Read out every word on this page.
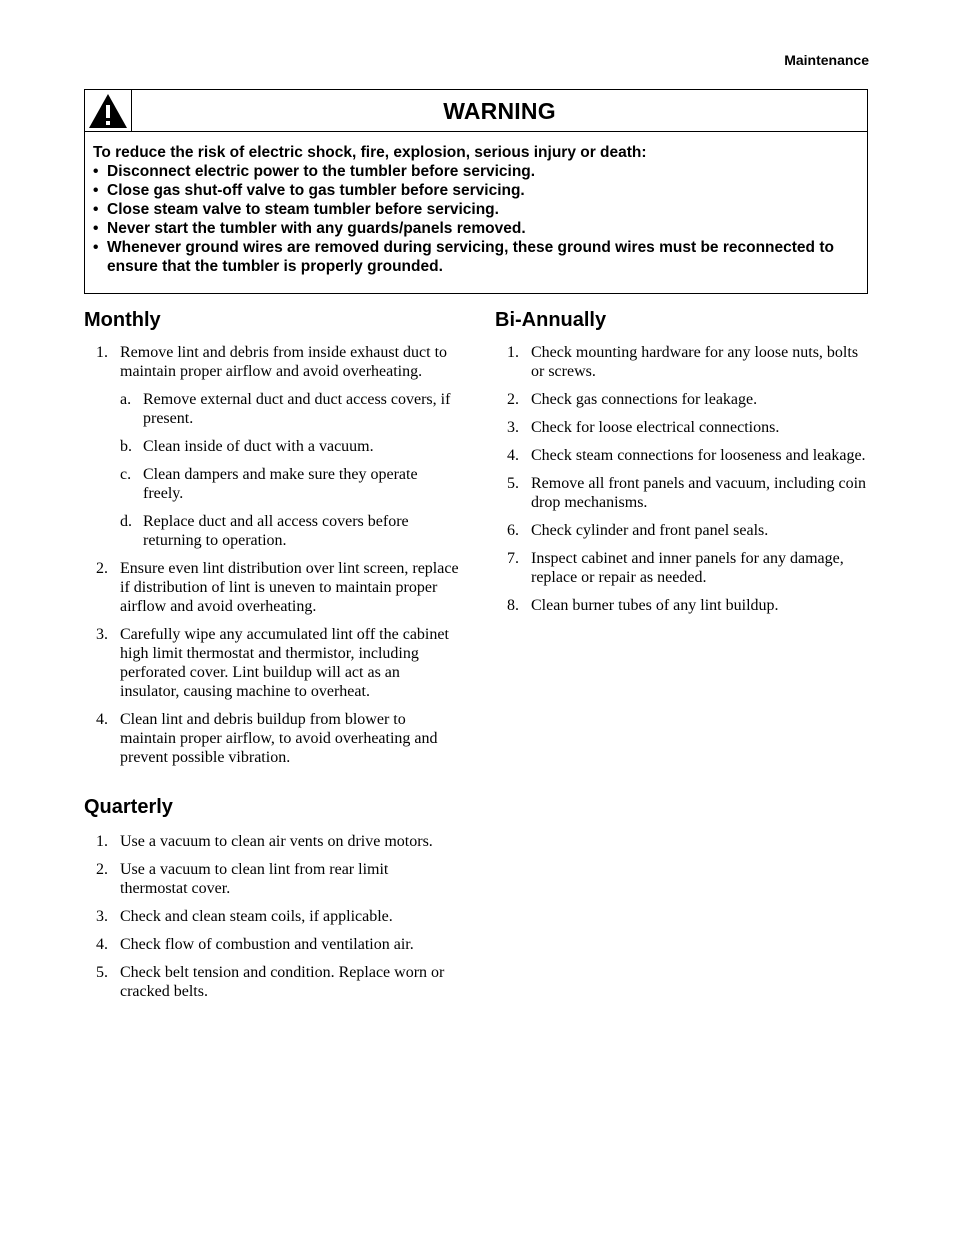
Maintenance
WARNING
To reduce the risk of electric shock, fire, explosion, serious injury or death:
• Disconnect electric power to the tumbler before servicing.
• Close gas shut-off valve to gas tumbler before servicing.
• Close steam valve to steam tumbler before servicing.
• Never start the tumbler with any guards/panels removed.
• Whenever ground wires are removed during servicing, these ground wires must be reconnected to ensure that the tumbler is properly grounded.
Monthly
1. Remove lint and debris from inside exhaust duct to maintain proper airflow and avoid overheating.
a. Remove external duct and duct access covers, if present.
b. Clean inside of duct with a vacuum.
c. Clean dampers and make sure they operate freely.
d. Replace duct and all access covers before returning to operation.
2. Ensure even lint distribution over lint screen, replace if distribution of lint is uneven to maintain proper airflow and avoid overheating.
3. Carefully wipe any accumulated lint off the cabinet high limit thermostat and thermistor, including perforated cover. Lint buildup will act as an insulator, causing machine to overheat.
4. Clean lint and debris buildup from blower to maintain proper airflow, to avoid overheating and prevent possible vibration.
Quarterly
1. Use a vacuum to clean air vents on drive motors.
2. Use a vacuum to clean lint from rear limit thermostat cover.
3. Check and clean steam coils, if applicable.
4. Check flow of combustion and ventilation air.
5. Check belt tension and condition. Replace worn or cracked belts.
Bi-Annually
1. Check mounting hardware for any loose nuts, bolts or screws.
2. Check gas connections for leakage.
3. Check for loose electrical connections.
4. Check steam connections for looseness and leakage.
5. Remove all front panels and vacuum, including coin drop mechanisms.
6. Check cylinder and front panel seals.
7. Inspect cabinet and inner panels for any damage, replace or repair as needed.
8. Clean burner tubes of any lint buildup.
